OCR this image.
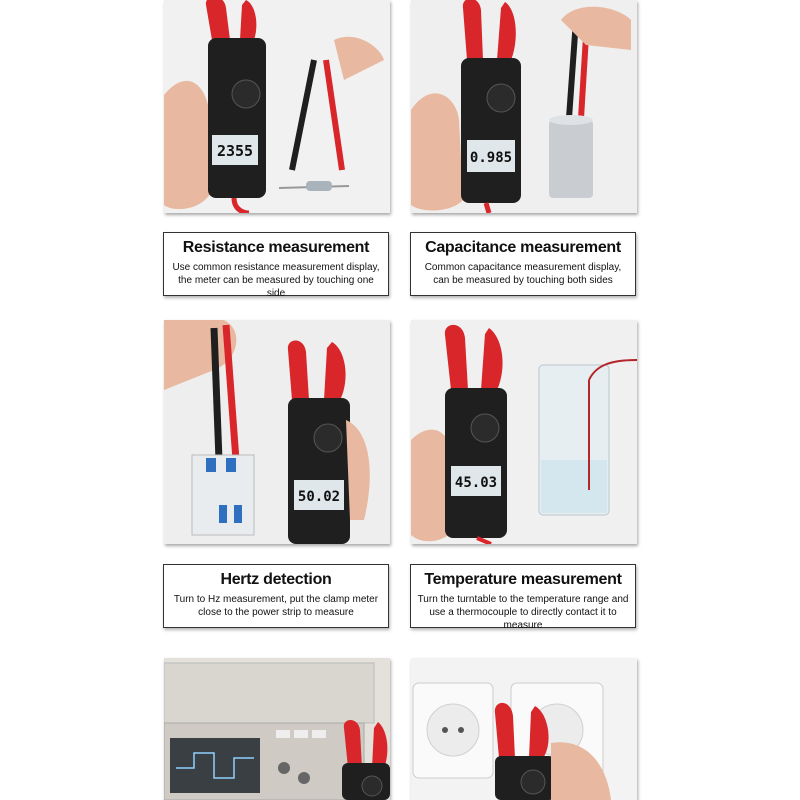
2355	0.985
Resistance measurement

Use common resistance measurement display, the meter can be measured by touching one side

Capacitance measurement

Common capacitance measurement display, can be measured by touching both sides

50.02
45.03
Hertz detection

Turn to Hz measurement, put the clamp meter close to the power strip to measure

Temperature measurement

Turn the turntable to the temperature range and use a thermocouple to directly contact it to measure
